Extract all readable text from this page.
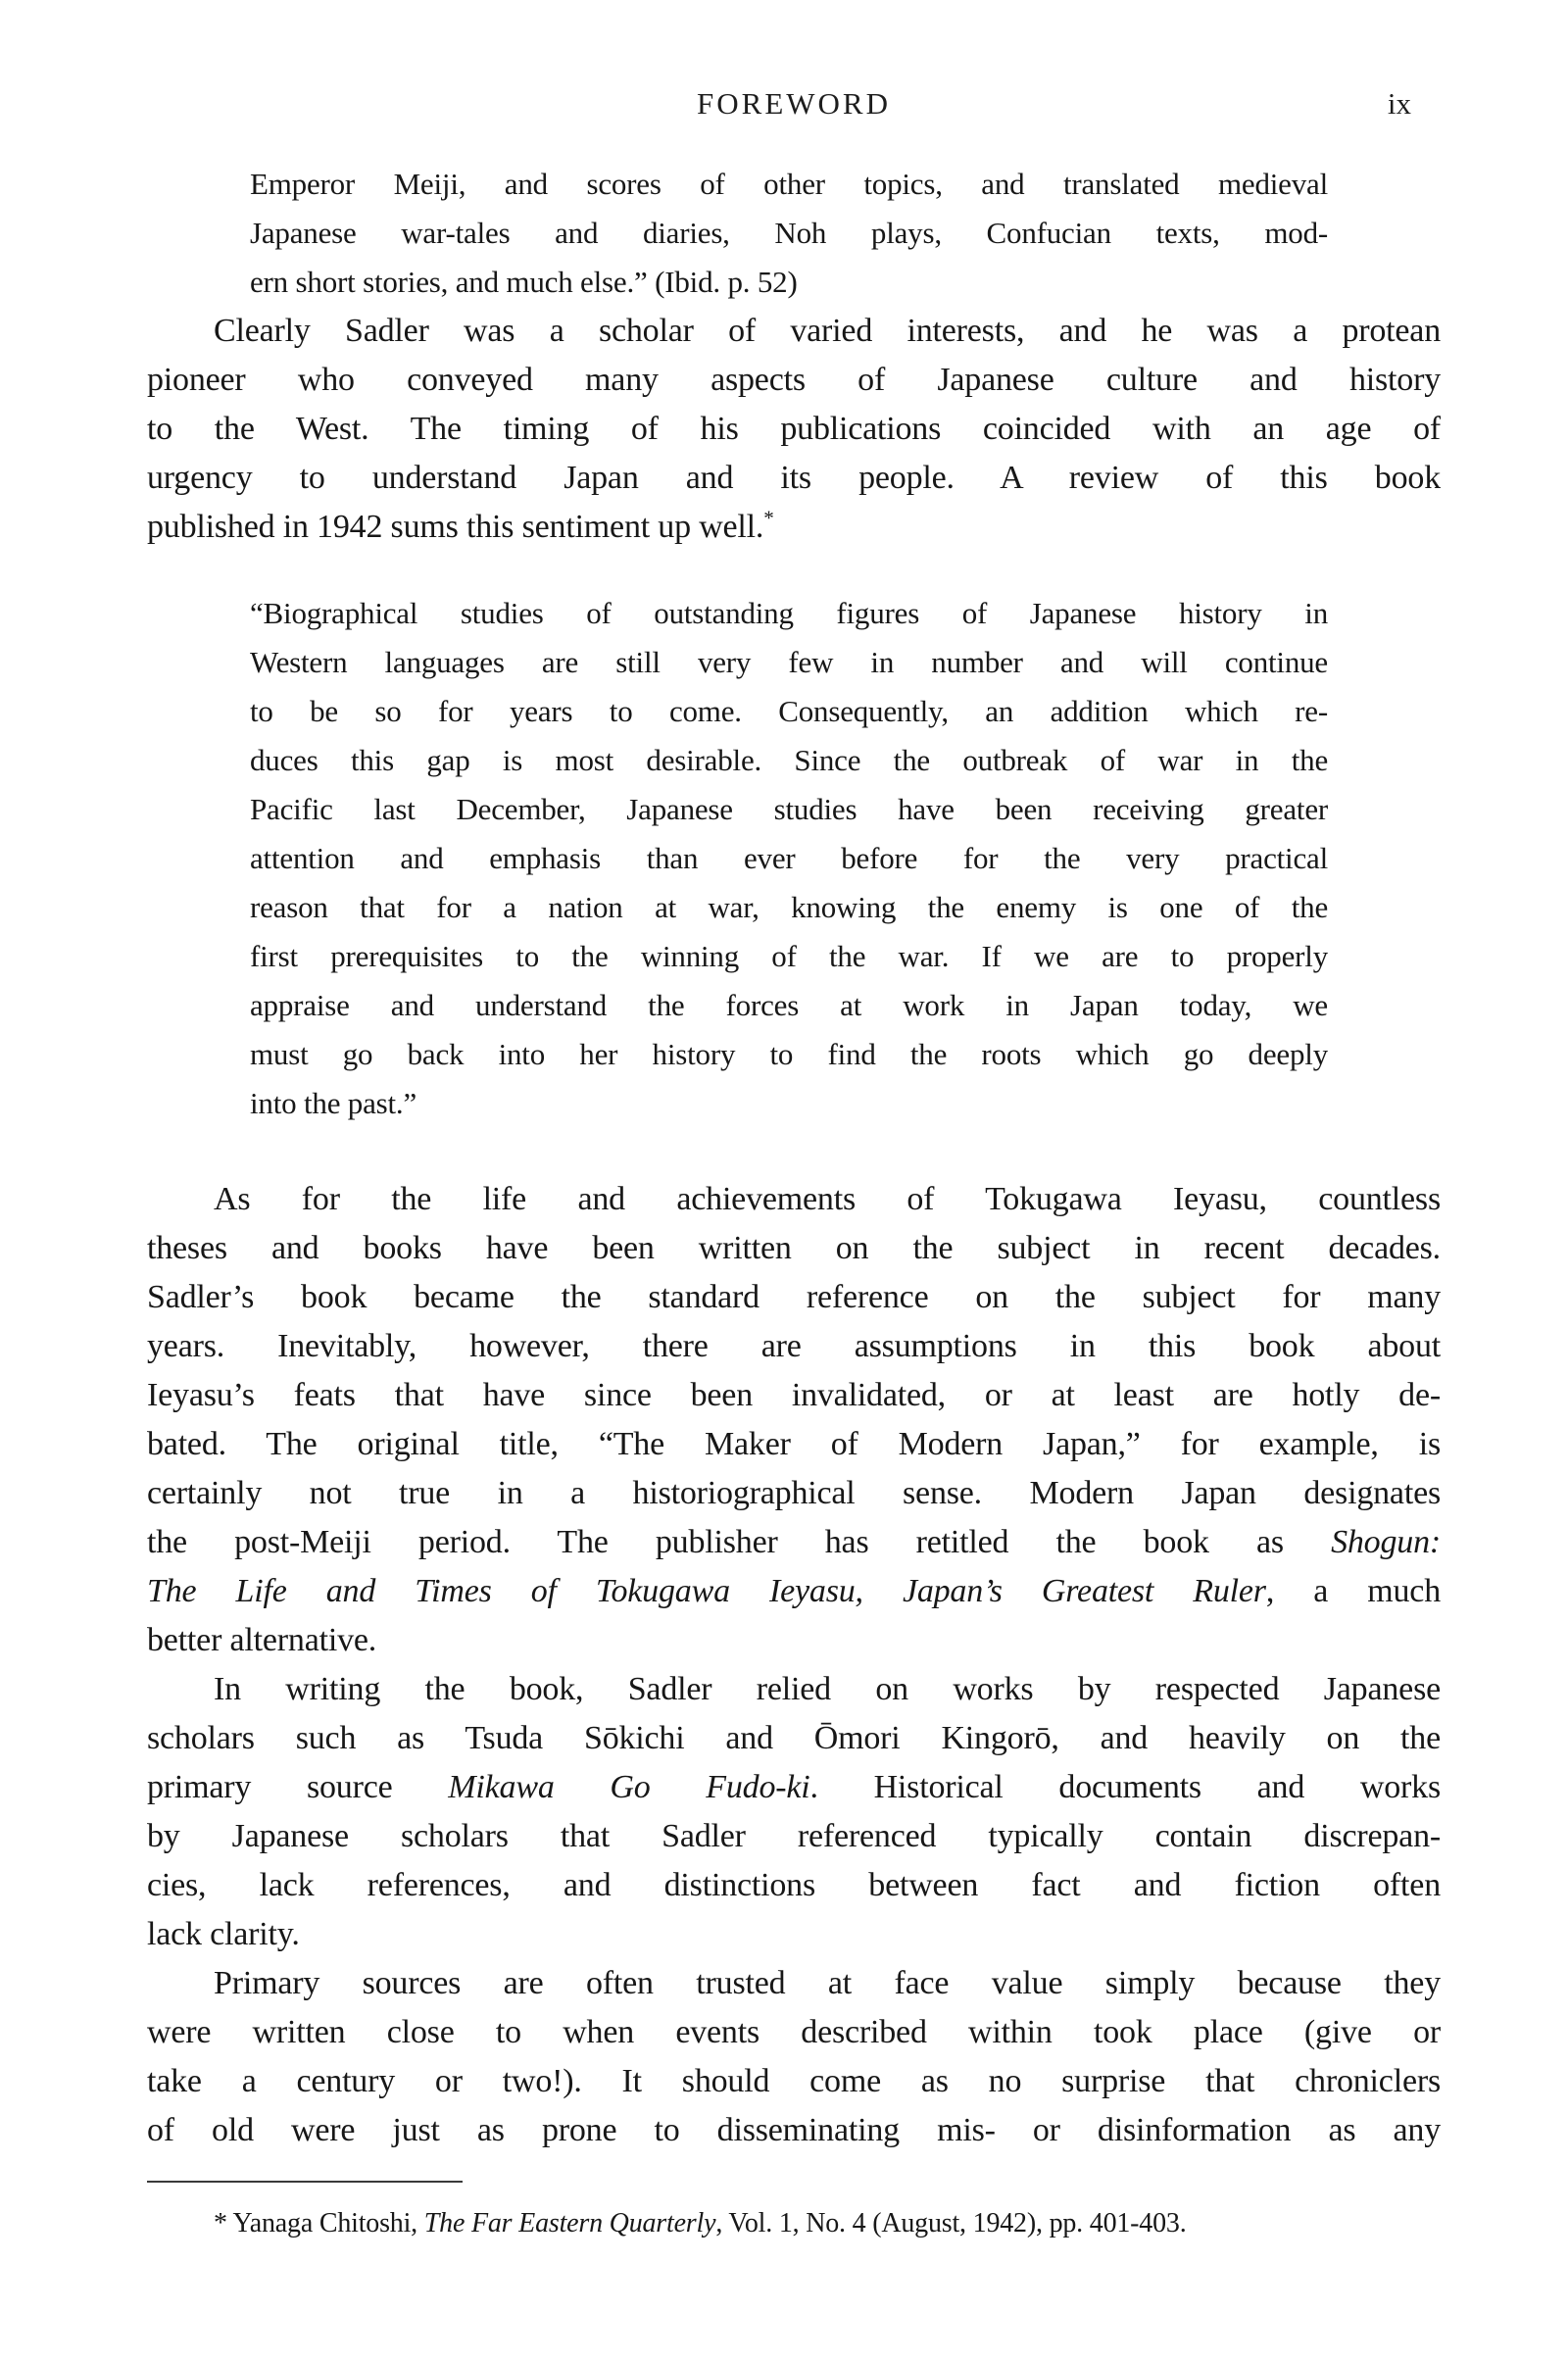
FOREWORD	ix
Emperor Meiji, and scores of other topics, and translated medieval
Japanese war-tales and diaries, Noh plays, Confucian texts, mod-
ern short stories, and much else.” (Ibid. p. 52)
Clearly Sadler was a scholar of varied interests, and he was a protean
pioneer who conveyed many aspects of Japanese culture and history
to the West. The timing of his publications coincided with an age of
urgency to understand Japan and its people. A review of this book
published in 1942 sums this sentiment up well.*
“Biographical studies of outstanding figures of Japanese history in
Western languages are still very few in number and will continue
to be so for years to come. Consequently, an addition which re-
duces this gap is most desirable. Since the outbreak of war in the
Pacific last December, Japanese studies have been receiving greater
attention and emphasis than ever before for the very practical
reason that for a nation at war, knowing the enemy is one of the
first prerequisites to the winning of the war. If we are to properly
appraise and understand the forces at work in Japan today, we
must go back into her history to find the roots which go deeply
into the past.”
As for the life and achievements of Tokugawa Ieyasu, countless
theses and books have been written on the subject in recent decades.
Sadler’s book became the standard reference on the subject for many
years. Inevitably, however, there are assumptions in this book about
Ieyasu’s feats that have since been invalidated, or at least are hotly de-
bated. The original title, “The Maker of Modern Japan,” for example, is
certainly not true in a historiographical sense. Modern Japan designates
the post-Meiji period. The publisher has retitled the book as Shogun:
The Life and Times of Tokugawa Ieyasu, Japan’s Greatest Ruler, a much
better alternative.
In writing the book, Sadler relied on works by respected Japanese
scholars such as Tsuda Sōkichi and Ōmori Kingorō, and heavily on the
primary source Mikawa Go Fudo-ki. Historical documents and works
by Japanese scholars that Sadler referenced typically contain discrepan-
cies, lack references, and distinctions between fact and fiction often
lack clarity.
Primary sources are often trusted at face value simply because they
were written close to when events described within took place (give or
take a century or two!). It should come as no surprise that chroniclers
of old were just as prone to disseminating mis- or disinformation as any
* Yanaga Chitoshi, The Far Eastern Quarterly, Vol. 1, No. 4 (August, 1942), pp. 401-403.
